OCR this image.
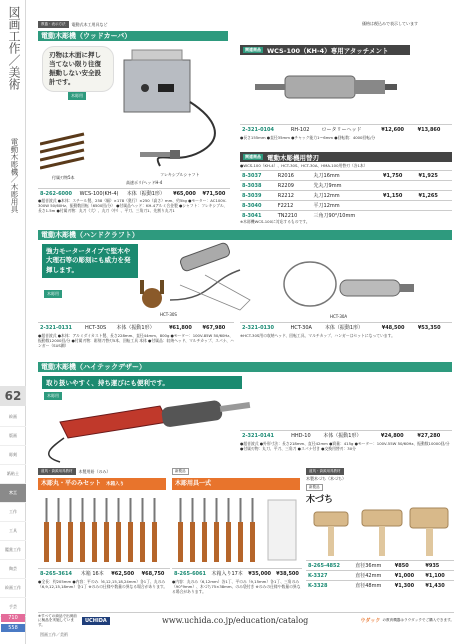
図画工作／美術
電動木彫機／木彫用具
62
絵画
版画
彫刻
紙粘土
木工
工作
工具
鑑賞工作
陶芸
絵画工作
手芸
710
558
教養・表示方法	電動式木工用具など	価格は税込みで表示しています
電動木彫機（ウッドカーバ）
刃物は木面に押し当てない限り往復振動しない安全設計です。
木彫用
付属刃物5本
フレキシブルシャフト
高速ポリ/ヘッドH-4
8-262-6000	WCS-100(KH-4)	本体（振動1形）	¥65,000	¥71,500
●超音波式 ●本体：スチール製、258（幅）×178（奥行）×250（高さ）mm、約5kg ●モーター：AC100V-300W 50/60Hz、振動数回転（6500回/分） ●付属品ヘッド：KH-4アルミ合金製 ●シャフト：フレキシブル、長さ1.5m ●付属刃物：丸刀（大）、丸刀（中）、平刀、三角刀1、先割り丸刀1
関連商品 WCS-100（KH-4）専用アタッチメント
2-321-0104	RH-102	ロータリーヘッド	¥12,600	¥13,860
●長さ155mm ●直径35mm ●チャック能力1～6mm ●回転数：4000回転/分
関連商品 電動木彫機用替刃
●WCS-100（KH-4）、HCT-30S、HCT-30A、HMA-100用替刃（各1本）
8-3037	R2016	丸刀16mm	¥1,750	¥1,925
8-3038	R2209	先丸刀9mm		
8-3039	R2212	丸刀12mm	¥1,150	¥1,265
8-3040	F2212	平刀12mm		
8-3041	TN2210	三角刀90°/10mm		
※木彫機WCS-100に対応するものです。
電動木彫機（ハンドクラフト）
強力モータータイプで堅木や大理石等の彫刻にも威力を発揮します。
木彫用
HCT-30S	HCT-30A
2-321-0131	HCT-30S	本体（振動1形）	¥61,800	¥67,980
●超音波式 ●本体：アルミダイカスト製、長さ228mm、直径44mm、800g ●モーター：100V-85W 50/60Hz、振動数12000回/分 ●付属刃物：彫刻刀替刃5本、回転工具 本体 ●付属品：収納ヘッド、マルチカップ、スパナ、ハンガー（SUS鋼）
2-321-0130	HCT-30A	本体（振動1形）	¥48,500	¥53,350
※HCT-30S用の収納ヘッド、回転工具、マルチカップ、ハンガーはセットになっています。
電動木彫機（ハイテックデザー）
取り扱いやすく、持ち運びにも便利です。
木彫用
2-321-0141	HHD-10	本体（振動1形）	¥24,800	¥27,280
●超音波式 ●外形寸法：長さ218mm、直径42mm ●質量：415g ●モーター：100V-55W 50/60Hz、振動数10000回/分 ●付属刃物：丸刀、平刀、三角刀 ●スパナ付き ●交換用替刃：30分
道具・資源用具教材	木製用鉛（のみ）
木彫丸・平のみセット 木箱入り
8-265-3614	木箱 16本	¥62,500	¥68,750
●全長：約205mm ●内容：平のみ（6,12,15,18,24mm）各1丁、丸のみ（6,9,12,15,18mm）各1丁 ※のみの仕様や数量の異なる場合があります。
新製品
木彫用具一式
8-265-6061	木箱入り17本	¥35,000	¥38,500
●内容：丸のみ（6,12mm）各1丁、平のみ（9,15mm）各1丁、三角のみ（90°9mm）、木づち75×38mm、のみ袋付き ※のみの仕様や数量の異なる場合があります。
道具・資源用具教材
木製木づち（木づち）
新製品
木づち
8-265-4852	直径36mm	¥850	¥935
K-3327	直径42mm	¥1,000	¥1,100
K-3328	直径48mm	¥1,300	¥1,430
※すべての商品で出荷前に検品を実施しています。
UCHIDA	www.uchida.co.jp/education/catalog	ウダック の教育機器はラウダックでご購入できます。
図画工作／美術
